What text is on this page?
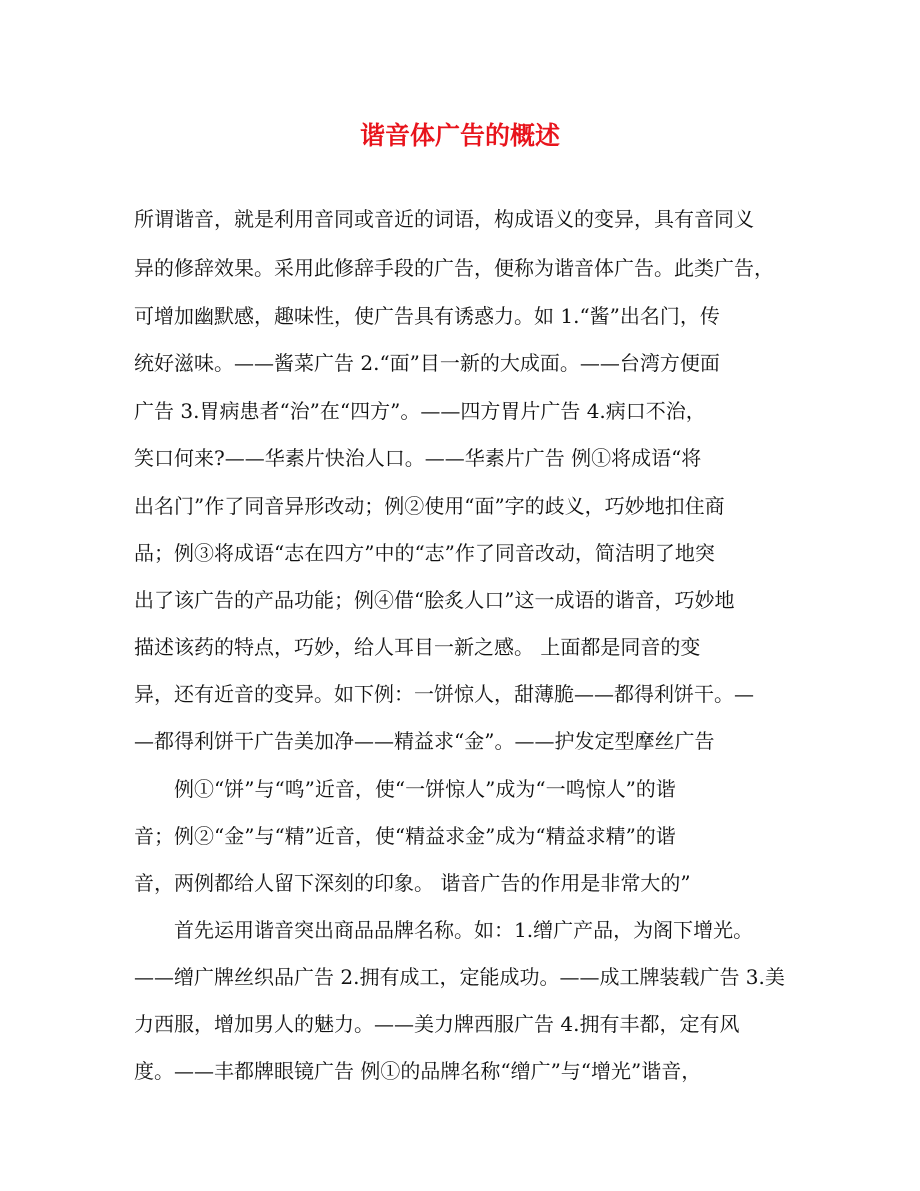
谐音体广告的概述

所谓谐音，就是利用音同或音近的词语，构成语义的变异，具有音同义

异的修辞效果。采用此修辞手段的广告，便称为谐音体广告。此类广告，

可增加幽默感，趣味性，使广告具有诱惑力。如 1.“酱”出名门，传

统好滋味。——酱菜广告 2.“面”目一新的大成面。——台湾方便面

广告 3.胃病患者“治”在“四方”。——四方胃片广告 4.病口不治，

笑口何来?——华素片快治人口。——华素片广告 例①将成语“将

出名门”作了同音异形改动；例②使用“面”字的歧义，巧妙地扣住商

品；例③将成语“志在四方”中的“志”作了同音改动，简洁明了地突

出了该广告的产品功能；例④借“脍炙人口”这一成语的谐音，巧妙地

描述该药的特点，巧妙，给人耳目一新之感。 上面都是同音的变

异，还有近音的变异。如下例：一饼惊人，甜薄脆——都得利饼干。—

—都得利饼干广告美加净——精益求“金”。——护发定型摩丝广告

例①“饼”与“鸣”近音，使“一饼惊人”成为“一鸣惊人”的谐

音；例②“金”与“精”近音，使“精益求金”成为“精益求精”的谐

音，两例都给人留下深刻的印象。 谐音广告的作用是非常大的”

首先运用谐音突出商品品牌名称。如：1.缯广产品，为阁下增光。

——缯广牌丝织品广告 2.拥有成工，定能成功。——成工牌装载广告 3.美

力西服，增加男人的魅力。——美力牌西服广告 4.拥有丰都，定有风

度。——丰都牌眼镜广告 例①的品牌名称“缯广”与“增光”谐音，
